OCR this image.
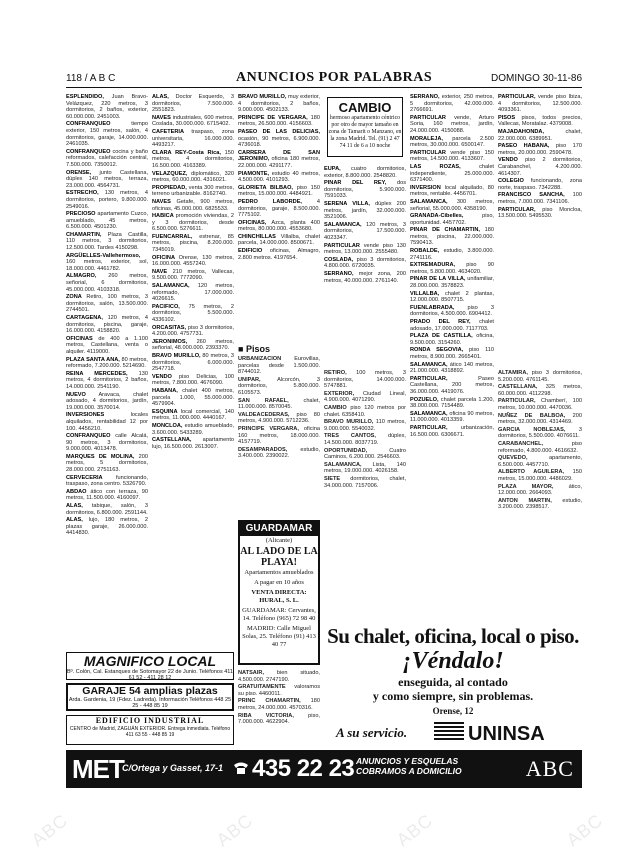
118 / A B C	ANUNCIOS POR PALABRAS	DOMINGO 30-11-86

ESPLENDIDO, Juan Bravo-Velázquez, 220 metros, 3 dormitorios, 2 baños, exterior, 60.000.000. 2451003.

CONFRANQUEO tiempo exterior, 150 metros, salón, 4 dormitorios, garaje, 14.000.000. 2461035.

CONFRANQUEO cocina y baño reformados, calefacción central, 7.500.000. 7350012.

ORENSE, junto Castellana, dúplex 140 metros, terraza, 23.000.000. 4564731.

ESTRECHO, 130 metros, 4 dormitorios, portero, 9.800.000. 2549016.

PRECIOSO apartamento Cuzco, amueblado, 45 metros, 6.500.000. 4501230.

CHAMARTIN, Plaza Castilla, 110 metros, 3 dormitorios, 12.500.000. Tardes 4150298.

ARGÜELLES-Vallehermoso, 160 metros, exterior, sol, 18.000.000. 4461782.

ALMAGRO, 260 metros, señorial, 6 dormitorios, 45.000.000. 4103318.

ZONA Retiro, 100 metros, 3 dormitorios, salón, 13.500.000. 2744501.

CARTAGENA, 120 metros, 4 dormitorios, piscina, garaje, 16.000.000. 4158820.

OFICINAS de 400 a 1.100 metros, Castellana, venta o alquiler. 4119000.

PLAZA SANTA ANA, 80 metros, reformado, 7.200.000. 5214690.

REINA MERCEDES, 130 metros, 4 dormitorios, 2 baños, 14.000.000. 2541190.

NUEVO Aravaca, chalet adosado, 4 dormitorios, jardín, 19.000.000. 3570014.

INVERSIONES locales alquilados, rentabilidad 12 por 100. 4456210.

CONFRANQUEO calle Alcalá, 90 metros, 3 dormitorios, 9.000.000. 4013478.

MARQUES DE MOLINA, 200 metros, 5 dormitorios, 28.000.000. 2751163.

CERVECERIA funcionando, traspaso, zona centro. 5326790.

ABDAO ático con terraza, 90 metros, 11.500.000. 4160097.

ALAS, tabique, salón, 3 dormitorios, 6.800.000. 2591144.

ALAS, lujo, 180 metros, 2 plazas garaje, 26.000.000. 4414830.

ALAS, Doctor Esquerdo, 3 dormitorios, 7.500.000. 2551823.

NAVES industriales, 600 metros, Coslada, 30.000.000. 6715402.

CAFETERIA traspaso, zona universitaria, 16.000.000. 4493217.

CLARA REY-Costa Rica, 150 metros, 4 dormitorios, 16.500.000. 4163389.

VELAZQUEZ, diplomático, 320 metros, 60.000.000. 4316021.

PROPIEDAD, venta 300 metros, terreno urbanizable. 8162740.

NAVES Getafe, 900 metros, oficinas, 45.000.000. 6825533.

HABICA promoción viviendas, 2 y 3 dormitorios, desde 6.500.000. 5276611.

FUENCARRAL, estrenar, 85 metros, piscina, 8.200.000. 7345019.

OFICINA Orense, 130 metros, 16.000.000. 4557240.

NAVE 210 metros, Vallecas, 9.500.000. 7772090.

SALAMANCA, 120 metros, reformado, 17.000.000. 4026615.

PACIFICO, 75 metros, 2 dormitorios, 5.500.000. 4336102.

ORCASITAS, piso 3 dormitorios, 4.200.000. 4757731.

JERONIMOS, 260 metros, señorial, 48.000.000. 2393370.

BRAVO MURILLO, 80 metros, 3 dormitorios, 6.000.000. 2547718.

VENDO piso Delicias, 100 metros, 7.800.000. 4676090.

HABANA, chalet 400 metros, parcela 1.000, 55.000.000. 4579904.

ESQUINA local comercial, 140 metros, 11.000.000. 4440167.

MONCLOA, estudio amueblado, 3.600.000. 5433289.

CASTELLANA, apartamento lujo, 16.500.000. 2613007.

BRAVO MURILLO, muy exterior, 4 dormitorios, 2 baños, 9.000.000. 4502133.

PRINCIPE DE VERGARA, 180 metros, 26.500.000. 4156603.

PASEO DE LAS DELICIAS, ocasión, 90 metros, 6.900.000. 4736018.

CARRERA DE SAN JERONIMO, oficina 180 metros, 22.000.000. 4291177.

PIAMONTE, estudio 40 metros, 4.500.000. 4101293.

GLORIETA BILBAO, piso 150 metros, 15.000.000. 4484921.

PEDRO LABORDE, 4 dormitorios, garaje, 8.500.000. 7775102.

OFICINAS, Azca, planta 400 metros, 80.000.000. 4553680.

CHINCHILLAS Villalba, chalet parcela, 14.000.000. 8500671.

EDIFICIO oficinas, Almagro, 2.800 metros. 4197654.

EUPA, cuatro dormitorios, exterior, 8.800.000. 2548820.

PINAR DEL REY, dos dormitorios, 5.900.000. 7591033.

SERENA VILLA, dúplex 200 metros, jardín, 32.000.000. 3521006.

SALAMANCA, 120 metros, 3 dormitorios, 17.500.000. 4023347.

PARTICULAR vende piso 130 metros, 13.000.000. 2555480.

COSLADA, piso 3 dormitorios, 4.800.000. 6720035.

SERRANO, mejor zona, 200 metros, 40.000.000. 2761140.

SERRANO, exterior, 250 metros, 5 dormitorios, 42.000.000. 2766691.

PARTICULAR vende, Arturo Soria, 160 metros, jardín, 24.000.000. 4150088.

MORALEJA, parcela 2.500 metros, 30.000.000. 6500147.

PARTICULAR vende piso 150 metros, 14.500.000. 4133607.

LAS ROZAS, chalet independiente, 25.000.000. 6371400.

INVERSION local alquilado, 80 metros, rentable. 4456701.

SALAMANCA, 300 metros, señorial, 55.000.000. 4358190.

GRANADA-Cibelles, piso, oportunidad. 4457702.

PINAR DE CHAMARTIN, 180 metros, piscina, 22.000.000. 7590413.

ROBALDE, estudio, 3.800.000. 2741116.

EXTREMADURA, piso 90 metros, 5.800.000. 4634020.

PINAR DE LA VILLA, unifamiliar, 28.000.000. 3578823.

VILLALBA, chalet 2 plantas, 12.000.000. 8507715.

FUENLABRADA, piso 3 dormitorios, 4.500.000. 6904412.

PRADO DEL REY, chalet adosado, 17.000.000. 7117703.

PLAZA DE CASTILLA, oficina, 9.500.000. 3154260.

RONDA SEGOVIA, piso 110 metros, 8.900.000. 2665401.

SALAMANCA, ático 140 metros, 21.000.000. 4318892.

PARTICULAR, Paseo Castellana, 200 metros, 36.000.000. 4419076.

POZUELO, chalet parcela 1.200, 38.000.000. 7154489.

SALAMANCA, oficina 90 metros, 11.000.000. 4013359.

PARTICULAR, urbanización, 16.500.000. 6306671.

PARTICULAR, vende piso Ibiza, 4 dormitorios, 12.500.000. 4093361.

PISOS pisos, todos precios, Vallecas, Moratalaz. 4379008.

MAJADAHONDA, chalet, 22.000.000. 6389951.

PASEO HABANA, piso 170 metros, 20.000.000. 2590478.

VENDO piso 2 dormitorios, Carabanchel, 4.200.000. 4614307.

COLEGIO funcionando, zona norte, traspaso. 7342288.

FRANCISCO SANCHA, 100 metros, 7.000.000. 7341106.

PARTICULAR, piso Moncloa, 13.500.000. 5495530.

CAMBIO
hermoso apartamento céntrico por otro de mayor tamaño en zona de Tamarit o Manzano, en la zona Madrid. Tel. (91) 2 47 74 11 de 6 a 10 noche
■ Pisos

URBANIZACION Eurovillas, parcelas desde 1.500.000. 8744012.

UNIPAR, Alcorcón, 3 dormitorios, 5.800.000. 6105573.

SAN RAFAEL, chalet, 11.000.000. 8570045.

VALDEACEDERAS, piso 80 metros, 4.900.000. 5712236.

PRINCIPE VERGARA, oficina 160 metros, 18.000.000. 4157719.

DESAMPARADOS, estudio, 3.400.000. 2390022.

RETIRO, 100 metros, 3 dormitorios, 14.000.000. 5747881.

EXTERIOR, Ciudad Lineal, 4.900.000. 4071290.

CAMBIO piso 120 metros por chalet. 6358410.

BRAVO MURILLO, 110 metros, 9.000.000. 5540032.

TRES CANTOS, dúplex, 14.500.000. 8037719.

OPORTUNIDAD, Cuatro Caminos, 6.200.000. 2546603.

SALAMANCA, Lista, 140 metros, 19.000.000. 4026158.

SIETE dormitorios, chalet, 34.000.000. 7157006.

ALTAMIRA, piso 3 dormitorios, 5.200.000. 4761145.

CASTELLANA, 325 metros, 60.000.000. 4112298.

PARTICULAR, Chamberí, 100 metros, 10.000.000. 4470036.

NUÑEZ DE BALBOA, 200 metros, 32.000.000. 4314469.

GARCIA NOBLEJAS, 3 dormitorios, 5.500.000. 4076611.

CARABANCHEL, piso reformado, 4.800.000. 4616632.

QUEVEDO, apartamento, 6.500.000. 4457710.

ALBERTO AGUILERA, 150 metros, 15.000.000. 4486029.

PLAZA MAYOR, ático, 12.000.000. 2664093.

ANTON MARTIN, estudio, 3.200.000. 2398517.

GUARDAMAR
(Alicante)
AL LADO DE LA PLAYA!
Apartamentos amueblados
A pagar en 10 años
VENTA DIRECTA: HURAL, S. L.
GUARDAMAR: Cervantes, 14. Teléfono (965) 72 98 40
MADRID: Calle Miguel Solas, 25. Teléfono (91) 413 40 77

NATSAIR, bien situado, 4.500.000. 2747190.

GRATUITAMENTE valoramos su piso. 4460011.

PRINC CHAMARTIN, 180 metros, 24.000.000. 4570316.

RIBA VICTORIA, piso, 7.000.000. 4622904.

MAGNIFICO LOCAL
Bº. Colón, Cal. Estanques de Sotomayor 22 de Junio. Teléfonos 411 61 52 - 411 28 12
GARAJE 54 amplias plazas
Arda. Gardenia, 19 (Fdez. Ladreda). Información Teléfonos 448 25 25 - 448 85 19
EDIFICIO INDUSTRIAL
CENTRO de Madrid, ZAGUÁN EXTERIOR. Entrega inmediata. Teléfono 411 63 55 - 448 85 19
Su chalet, oficina, local o piso.
¡Véndalo!
enseguida, al contado
y como siempre, sin problemas.
Orense, 12
A su servicio.	UNINSA
MET
C/Ortega y Gasset, 17-1 435 22 23 ANUNCIOS Y ESQUELAS
COBRAMOS A DOMICILIO	ABC
ABC	ABC	ABC	ABC
